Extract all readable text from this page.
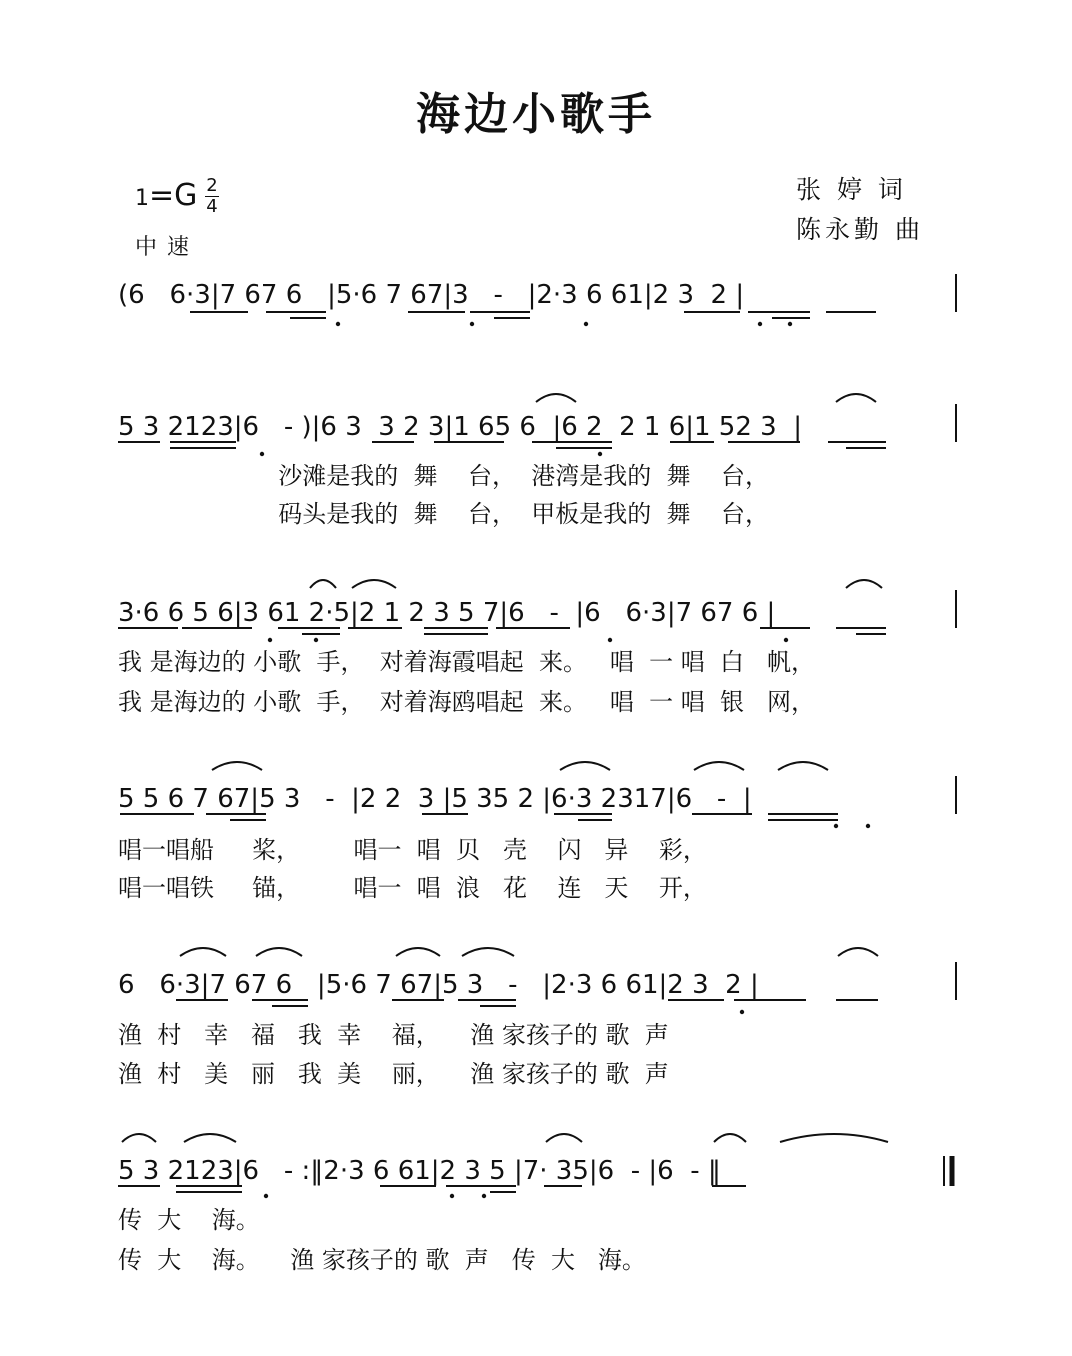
海边小歌手
1=G 2
4
中速
张 婷 词
陈永勤 曲
(6   6·3|7 67 6   |5·6 7 67|3   -   |2·3 6 61|2 3  2 |
5 3 2123|6   - )|6 3  3 2 3|1 65 6  |6 2  2 1 6|1 52 3  |
沙滩是我的  舞    台，  港湾是我的  舞    台，
码头是我的  舞    台，  甲板是我的  舞    台，
3·6 6 5 6|3 61 2·5|2 1 2 3 5 7|6   -  |6   6·3|7 67 6 |
我 是海边的 小歌  手，  对着海霞唱起  来。   唱  一 唱  白   帆，
我 是海边的 小歌  手，  对着海鸥唱起  来。   唱  一 唱  银   网，
5 5 6 7 67|5 3   -  |2 2  3 |5 35 2 |6·3 2317|6   -  |
唱一唱船     桨，       唱一  唱  贝   壳    闪   异    彩，
唱一唱铁     锚，       唱一  唱  浪   花    连   天    开，
6   6·3|7 67 6   |5·6 7 67|5 3   -   |2·3 6 61|2 3  2 |
渔  村   幸   福   我  幸    福，    渔 家孩子的 歌  声
渔  村   美   丽   我  美    丽，    渔 家孩子的 歌  声
5 3 2123|6   - :‖2·3 6 61|2 3 5 |7· 35|6  - |6  - ‖
传  大    海。
传  大    海。    渔 家孩子的 歌  声   传  大   海。
